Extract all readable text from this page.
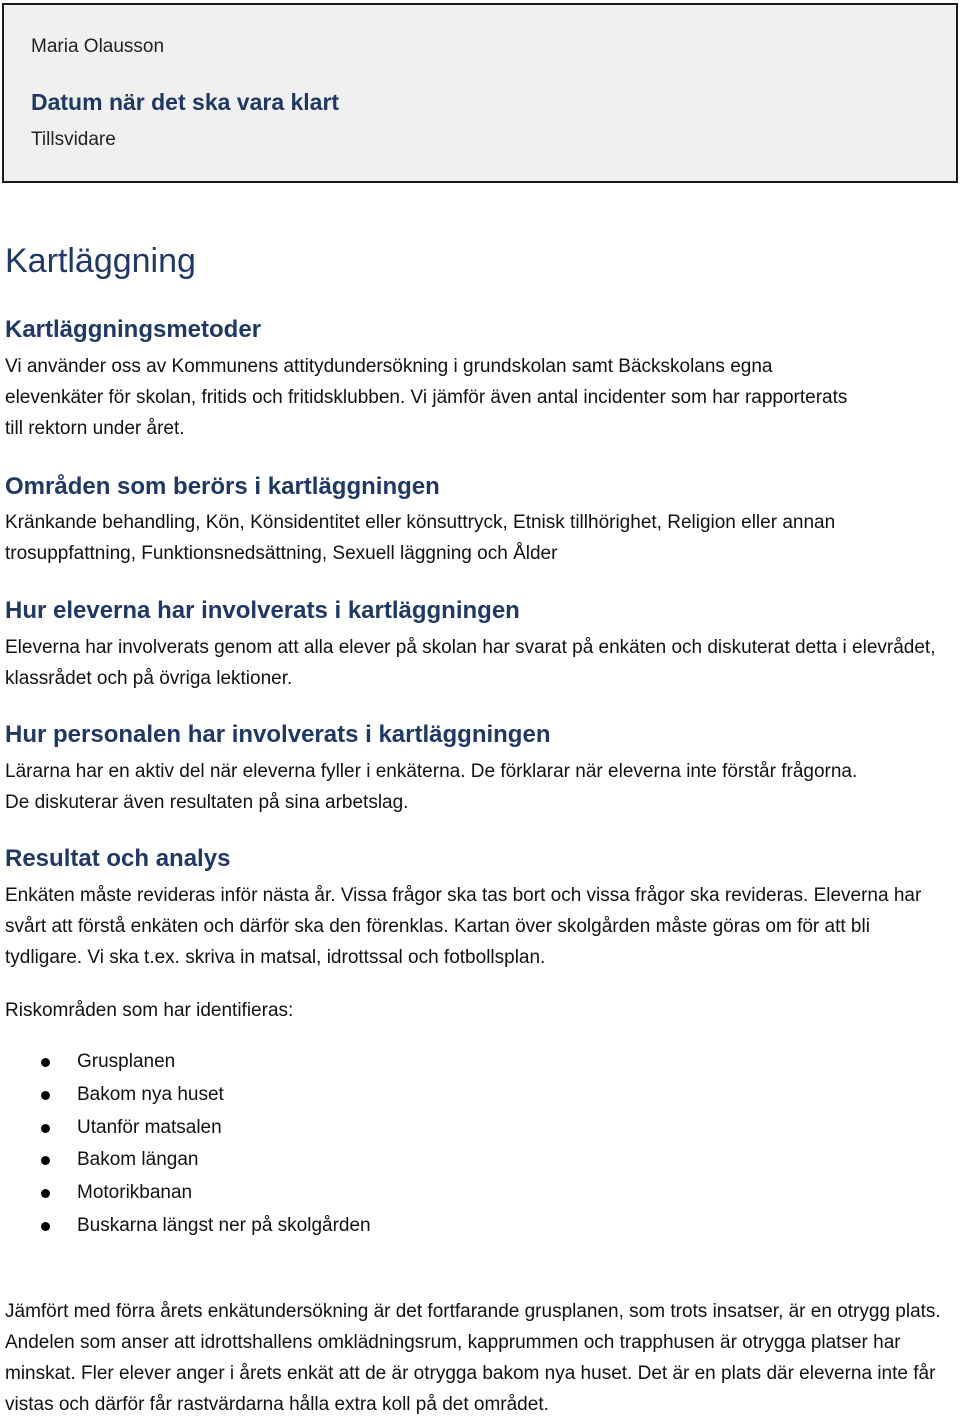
Maria Olausson
Datum när det ska vara klart
Tillsvidare
Kartläggning
Kartläggningsmetoder

Vi använder oss av Kommunens attitydundersökning i grundskolan samt Bäckskolans egna elevenkäter för skolan, fritids och fritidsklubben. Vi jämför även antal incidenter som har rapporterats till rektorn under året.

Områden som berörs i kartläggningen

Kränkande behandling, Kön, Könsidentitet eller könsuttryck, Etnisk tillhörighet, Religion eller annan trosuppfattning, Funktionsnedsättning, Sexuell läggning och Ålder

Hur eleverna har involverats i kartläggningen

Eleverna har involverats genom att alla elever på skolan har svarat på enkäten och diskuterat detta i elevrådet, klassrådet och på övriga lektioner.

Hur personalen har involverats i kartläggningen

Lärarna har en aktiv del när eleverna fyller i enkäterna. De förklarar när eleverna inte förstår frågorna. De diskuterar även resultaten på sina arbetslag.

Resultat och analys

Enkäten måste revideras inför nästa år. Vissa frågor ska tas bort och vissa frågor ska revideras. Eleverna har svårt att förstå enkäten och därför ska den förenklas. Kartan över skolgården måste göras om för att bli tydligare. Vi ska t.ex. skriva in matsal, idrottssal och fotbollsplan.

Riskområden som har identifieras:

Grusplanen
Bakom nya huset
Utanför matsalen
Bakom längan
Motorikbanan
Buskarna längst ner på skolgården

Jämfört med förra årets enkätundersökning är det fortfarande grusplanen, som trots insatser, är en otrygg plats. Andelen som anser att idrottshallens omklädningsrum, kapprummen och trapphusen är otrygga platser har minskat. Fler elever anger i årets enkät att de är otrygga bakom nya huset. Det är en plats där eleverna inte får vistas och därför får rastvärdarna hålla extra koll på det området.
